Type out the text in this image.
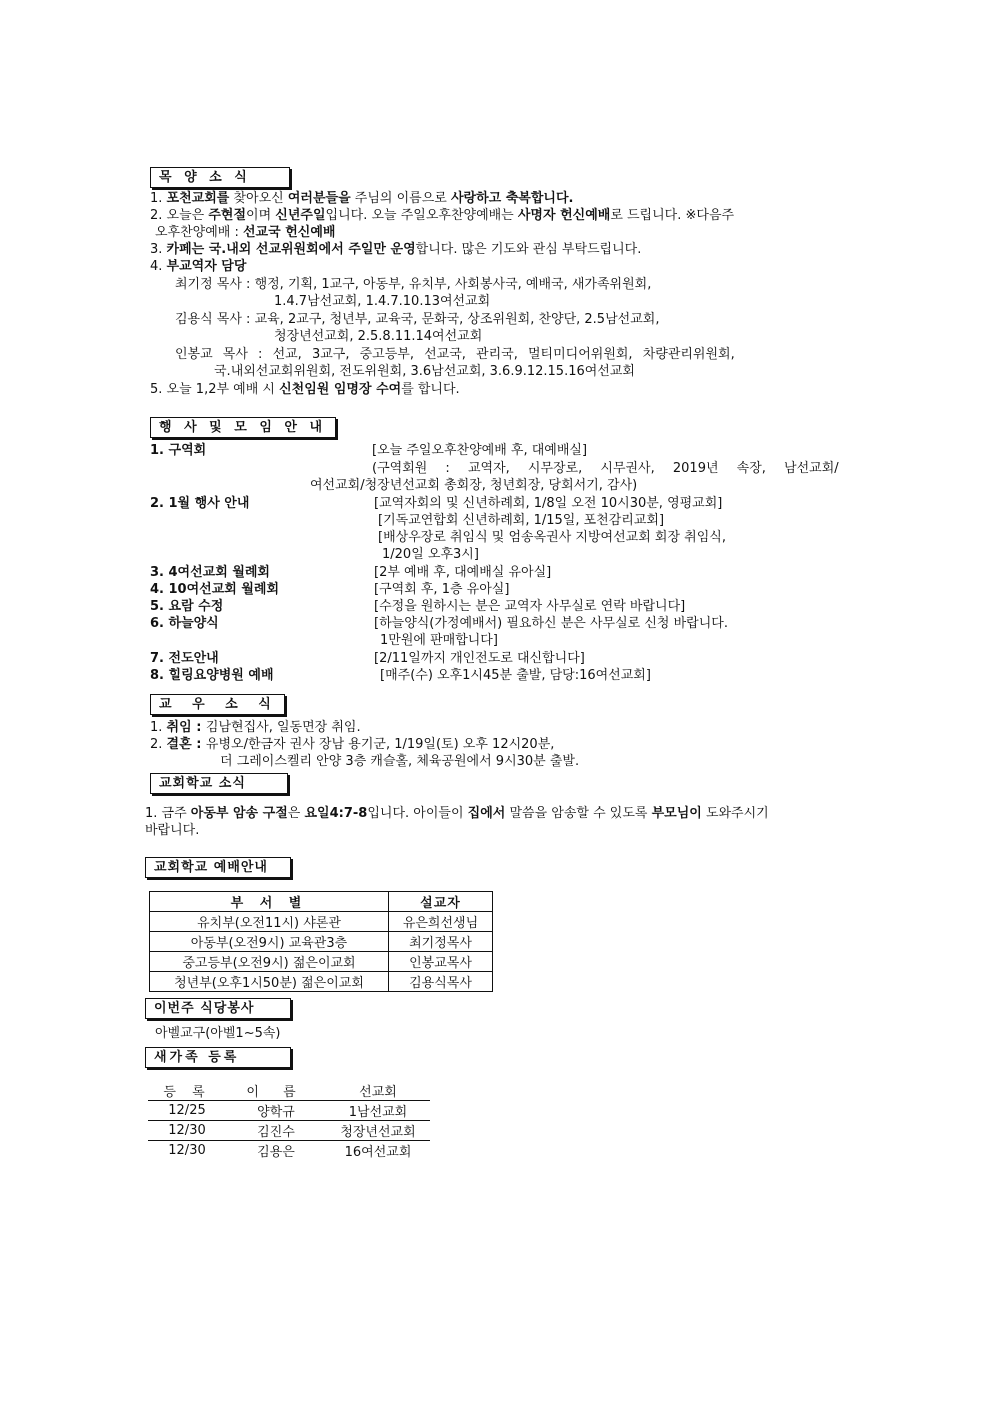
목 양 소 식
1. 포천교회를 찾아오신 여러분들을 주님의 이름으로 사랑하고 축복합니다.
2. 오늘은 주현절이며 신년주일입니다. 오늘 주일오후찬양예배는 사명자 헌신예배로 드립니다. ※다음주
오후찬양예배 : 선교국 헌신예배
3. 카페는 국.내외 선교위원회에서 주일만 운영합니다. 많은 기도와 관심 부탁드립니다.
4. 부교역자 담당
최기정 목사 : 행정, 기획, 1교구, 아동부, 유치부, 사회봉사국, 예배국, 새가족위원회,
1.4.7남선교회, 1.4.7.10.13여선교회
김용식 목사 : 교육, 2교구, 청년부, 교육국, 문화국, 상조위원회, 찬양단, 2.5남선교회,
청장년선교회, 2.5.8.11.14여선교회
인봉교 목사 : 선교, 3교구, 중고등부, 선교국, 관리국, 멀티미디어위원회, 차량관리위원회,
국.내외선교회위원회, 전도위원회, 3.6남선교회, 3.6.9.12.15.16여선교회
5. 오늘 1,2부 예배 시 신천임원 임명장 수여를 합니다.
행 사 및 모 임 안 내
1. 구역회	[오늘 주일오후찬양예배 후, 대예배실]
(구역회원 : 교역자, 시무장로, 시무권사, 2019년 속장, 남선교회/
여선교회/청장년선교회 총회장, 청년회장, 당회서기, 감사)
2. 1월 행사 안내	[교역자회의 및 신년하례회, 1/8일 오전 10시30분, 영평교회]
[기독교연합회 신년하례회, 1/15일, 포천감리교회]
[배상우장로 취임식 및 엄송옥권사 지방여선교회 회장 취임식,
1/20일 오후3시]
3. 4여선교회 월례회	[2부 예배 후, 대예배실 유아실]
4. 10여선교회 월례회	[구역회 후, 1층 유아실]
5. 요람 수정	[수정을 원하시는 분은 교역자 사무실로 연락 바랍니다]
6. 하늘양식	[하늘양식(가정예배서) 필요하신 분은 사무실로 신청 바랍니다.
1만원에 판매합니다]
7. 전도안내	[2/11일까지 개인전도로 대신합니다]
8. 힐링요양병원 예배	[매주(수) 오후1시45분 출발, 담당:16여선교회]
교 우 소 식
1. 취임 : 김남현집사, 일동면장 취임.
2. 결혼 : 유병오/한금자 권사 장남 용기군, 1/19일(토) 오후 12시20분,
더 그레이스켈리 안양 3층 캐슬홀, 체육공원에서 9시30분 출발.
교회학교 소식
1. 금주 아동부 암송 구절은 요일4:7-8입니다. 아이들이 집에서 말씀을 암송할 수 있도록 부모님이 도와주시기
바랍니다.
교회학교 예배안내
부 서 별	설교자
유치부(오전11시) 샤론관	유은희선생님
아동부(오전9시) 교육관3층	최기정목사
중고등부(오전9시) 젊은이교회	인봉교목사
청년부(오후1시50분) 젊은이교회	김용식목사
이번주 식당봉사
아벨교구(아벨1~5속)
새가족 등록
등 록	이 름	선교회
12/25	양학규	1남선교회
12/30	김진수	청장년선교회
12/30	김용은	16여선교회
